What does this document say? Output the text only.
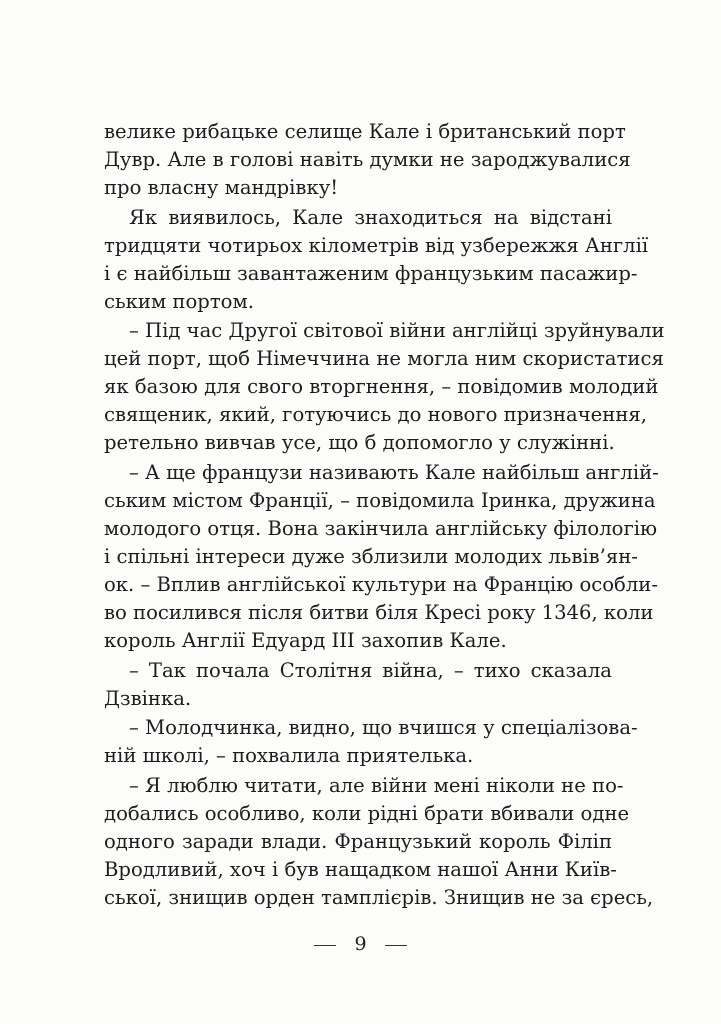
велике рибацьке селище Кале і британський порт
Дувр. Але в голові навіть думки не зароджувалися
про власну мандрівку!
Як виявилось, Кале знаходиться на відстані
тридцяти чотирьох кілометрів від узбережжя Англії
і є найбільш завантаженим французьким пасажир-
ським портом.
– Під час Другої світової війни англійці зруйнували
цей порт, щоб Німеччина не могла ним скористатися
як базою для свого вторгнення, – повідомив молодий
священик, який, готуючись до нового призначення,
ретельно вивчав усе, що б допомогло у служінні.
– А ще французи називають Кале найбільш англій-
ським містом Франції, – повідомила Іринка, дружина
молодого отця. Вона закінчила англійську філологію
і спільні інтереси дуже зблизили молодих львів’ян-
ок. – Вплив англійської культури на Францію особли-
во посилився після битви біля Кресі року 1346, коли
король Англії Едуард ІІІ захопив Кале.
– Так почала Столітня війна, – тихо сказала
Дзвінка.
– Молодчинка, видно, що вчишся у спеціалізова-
ній школі, – похвалила приятелька.
– Я люблю читати, але війни мені ніколи не по-
добались особливо, коли рідні брати вбивали одне
одного заради влади. Французький король Філіп
Вродливий, хоч і був нащадком нашої Анни Київ-
ської, знищив орден тамплієрів. Знищив не за єресь,
9
